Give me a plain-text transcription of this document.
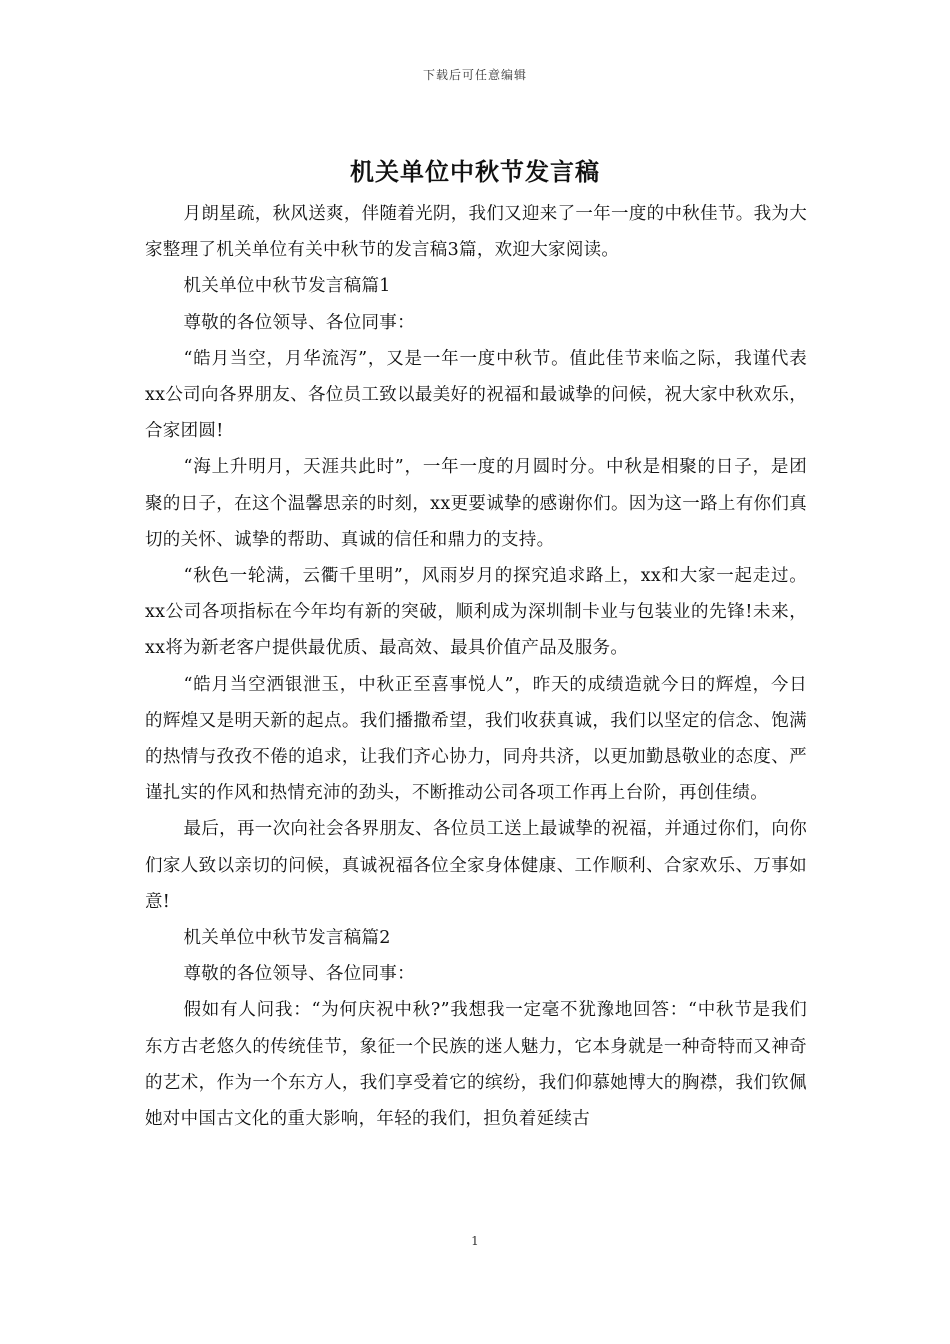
下载后可任意编辑
机关单位中秋节发言稿

月朗星疏，秋风送爽，伴随着光阴，我们又迎来了一年一度的中秋佳节。我为大家整理了机关单位有关中秋节的发言稿3篇，欢迎大家阅读。

机关单位中秋节发言稿篇1

尊敬的各位领导、各位同事：

“皓月当空，月华流泻”，又是一年一度中秋节。值此佳节来临之际，我谨代表xx公司向各界朋友、各位员工致以最美好的祝福和最诚挚的问候，祝大家中秋欢乐，合家团圆!

“海上升明月，天涯共此时”，一年一度的月圆时分。中秋是相聚的日子，是团聚的日子，在这个温馨思亲的时刻，xx更要诚挚的感谢你们。因为这一路上有你们真切的关怀、诚挚的帮助、真诚的信任和鼎力的支持。

“秋色一轮满，云衢千里明”，风雨岁月的探究追求路上，xx和大家一起走过。xx公司各项指标在今年均有新的突破，顺利成为深圳制卡业与包装业的先锋!未来，xx将为新老客户提供最优质、最高效、最具价值产品及服务。

“皓月当空洒银泄玉，中秋正至喜事悦人”，昨天的成绩造就今日的辉煌，今日的辉煌又是明天新的起点。我们播撒希望，我们收获真诚，我们以坚定的信念、饱满的热情与孜孜不倦的追求，让我们齐心协力，同舟共济，以更加勤恳敬业的态度、严谨扎实的作风和热情充沛的劲头，不断推动公司各项工作再上台阶，再创佳绩。

最后，再一次向社会各界朋友、各位员工送上最诚挚的祝福，并通过你们，向你们家人致以亲切的问候，真诚祝福各位全家身体健康、工作顺利、合家欢乐、万事如意!

机关单位中秋节发言稿篇2

尊敬的各位领导、各位同事：

假如有人问我：“为何庆祝中秋?”我想我一定毫不犹豫地回答：“中秋节是我们东方古老悠久的传统佳节，象征一个民族的迷人魅力，它本身就是一种奇特而又神奇的艺术，作为一个东方人，我们享受着它的缤纷，我们仰慕她博大的胸襟，我们钦佩她对中国古文化的重大影响，年轻的我们，担负着延续古

1
